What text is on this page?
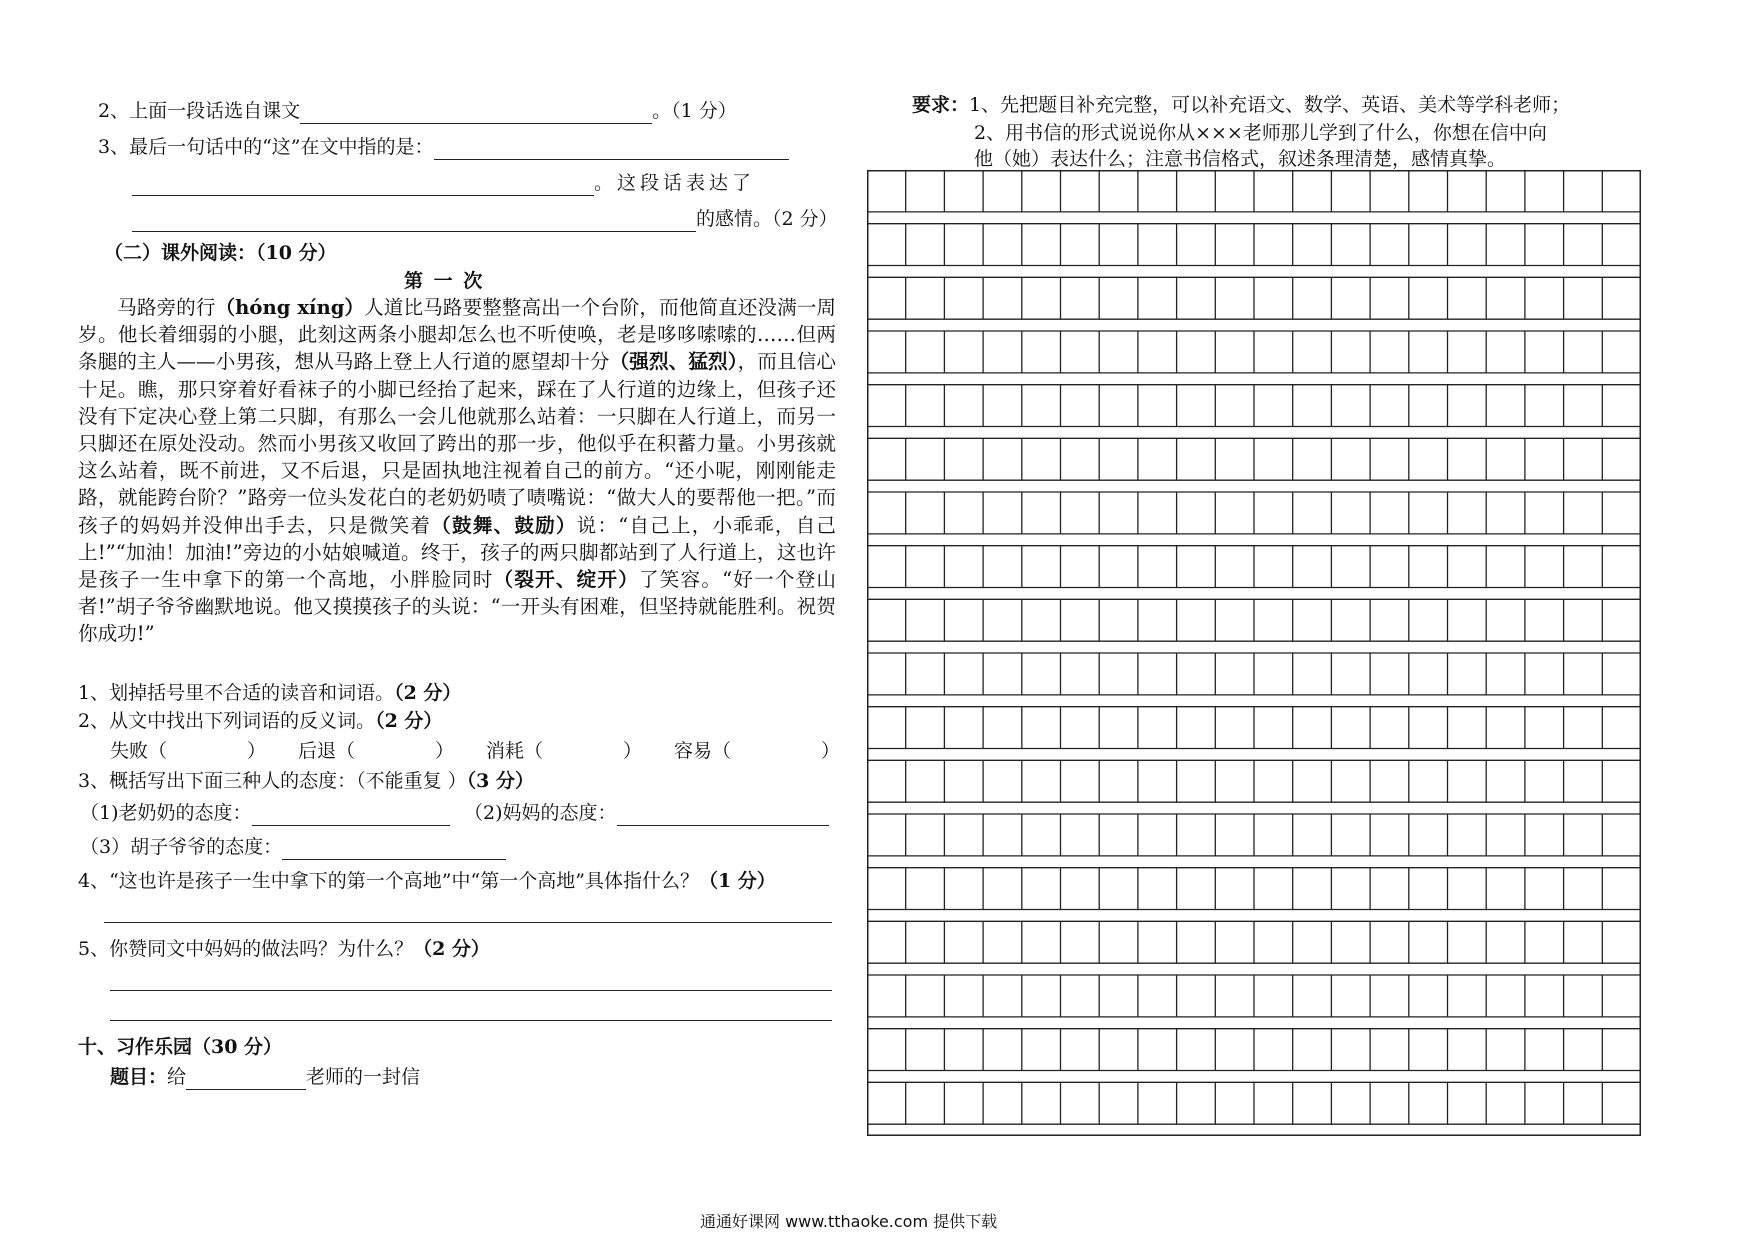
2、上面一段话选自课文	。（1 分）
3、最后一句话中的“这”在文中指的是：
。这段话表达了
的感情。（2 分）
（二）课外阅读：（10 分）
第 一 次
马路旁的行（hóng xíng）人道比马路要整整高出一个台阶，而他简直还没满一周岁。他长着细弱的小腿，此刻这两条小腿却怎么也不听使唤，老是哆哆嗦嗦的……但两条腿的主人——小男孩，想从马路上登上人行道的愿望却十分（强烈、猛烈），而且信心十足。瞧，那只穿着好看袜子的小脚已经抬了起来，踩在了人行道的边缘上，但孩子还没有下定决心登上第二只脚，有那么一会儿他就那么站着：一只脚在人行道上，而另一只脚还在原处没动。然而小男孩又收回了跨出的那一步，他似乎在积蓄力量。小男孩就这么站着，既不前进，又不后退，只是固执地注视着自己的前方。“还小呢，刚刚能走路，就能跨台阶？”路旁一位头发花白的老奶奶啧了啧嘴说：“做大人的要帮他一把。”而孩子的妈妈并没伸出手去，只是微笑着（鼓舞、鼓励）说：“自己上，小乖乖，自己上!”“加油！加油!”旁边的小姑娘喊道。终于，孩子的两只脚都站到了人行道上，这也许是孩子一生中拿下的第一个高地，小胖脸同时（裂开、绽开）了笑容。“好一个登山者!”胡子爷爷幽默地说。他又摸摸孩子的头说：“一开头有困难，但坚持就能胜利。祝贺你成功!”
1、划掉括号里不合适的读音和词语。（2 分）
2、从文中找出下列词语的反义词。（2 分）
失败（	） 后退（	） 消耗（	） 容易（	）
3、概括写出下面三种人的态度：（不能重复 ）（3 分）
（1)老奶奶的态度：	（2)妈妈的态度：
（3）胡子爷爷的态度：
4、“这也许是孩子一生中拿下的第一个高地”中“第一个高地”具体指什么？（1 分）
5、你赞同文中妈妈的做法吗？为什么？（2 分）
十、习作乐园（30 分）
题目：给	老师的一封信
要求：1、先把题目补充完整，可以补充语文、数学、英语、美术等学科老师；
2、用书信的形式说说你从×××老师那儿学到了什么，你想在信中向
他（她）表达什么；注意书信格式，叙述条理清楚，感情真挚。
通通好课网 www.tthaoke.com 提供下载
